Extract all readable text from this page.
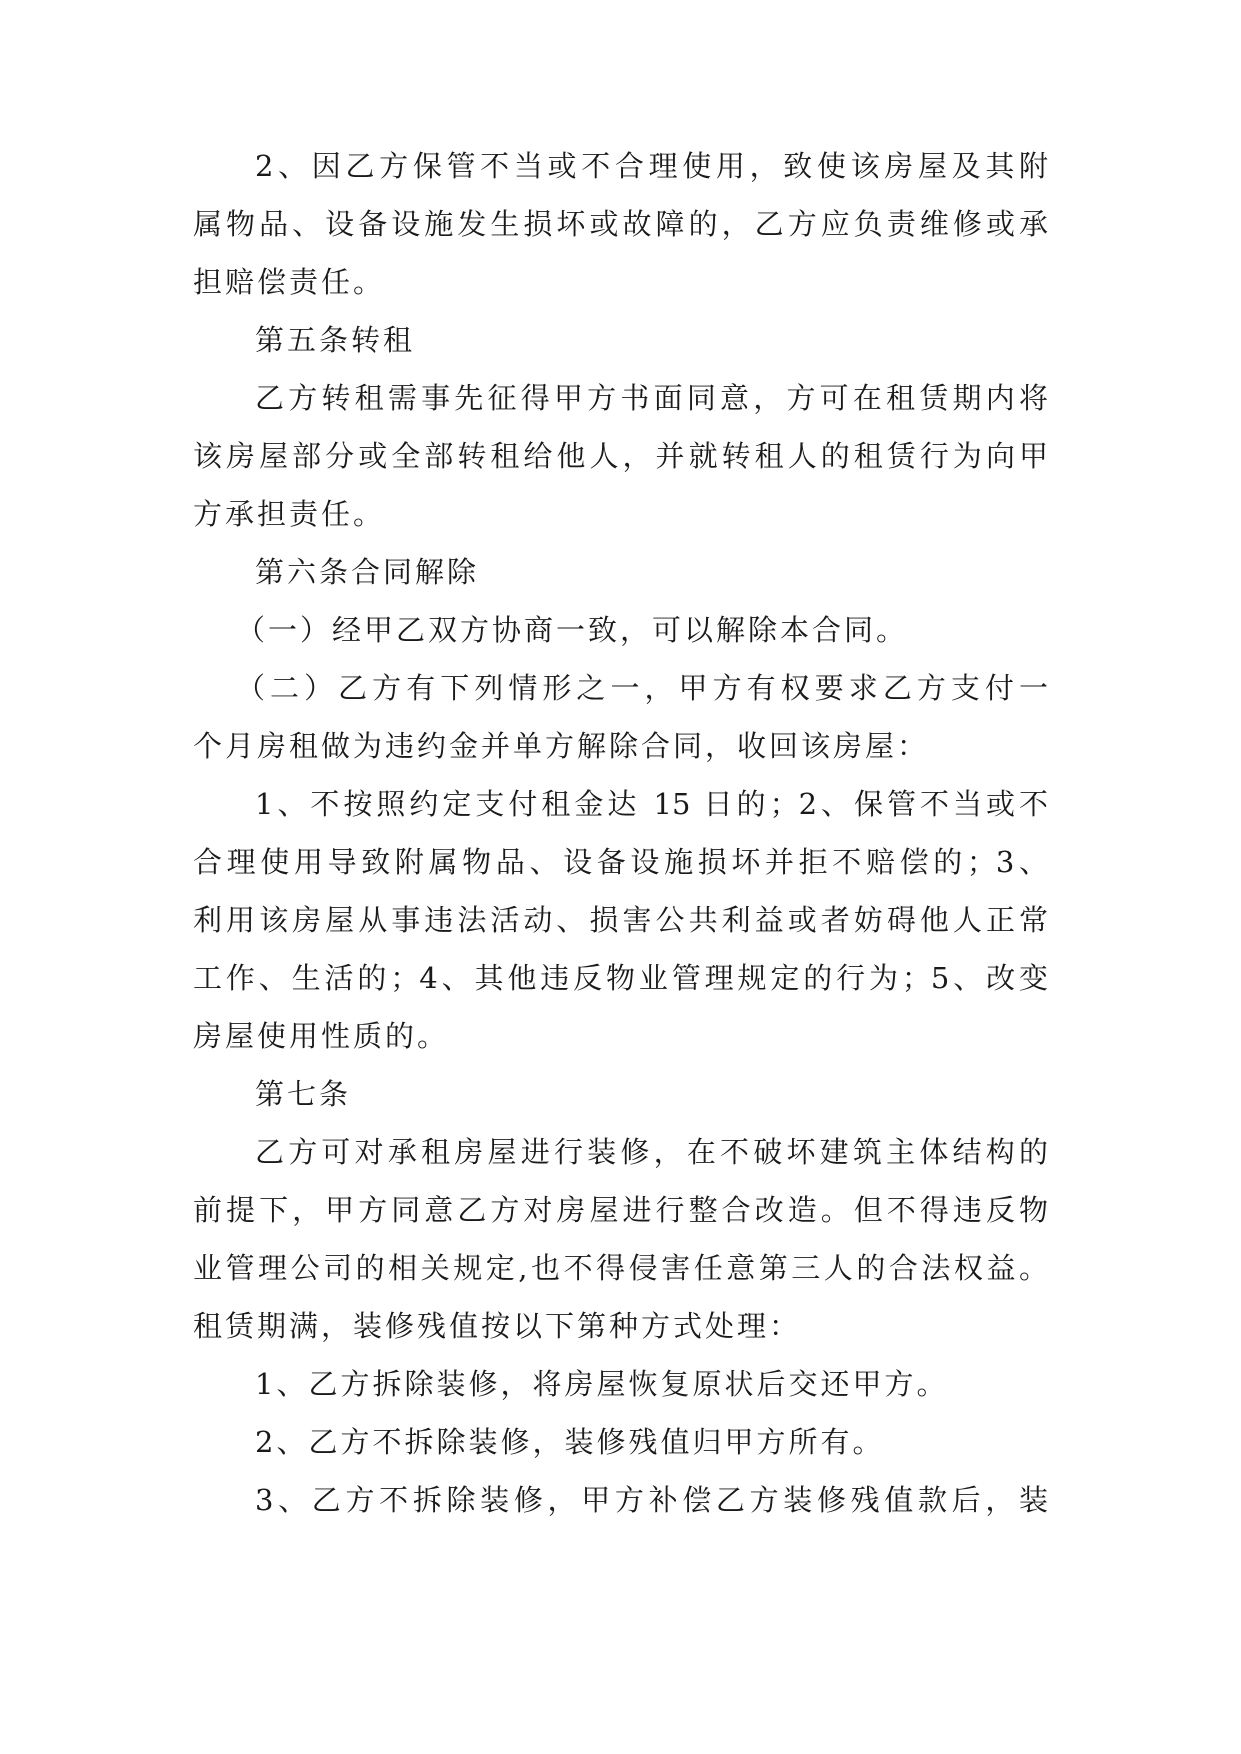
2、因乙方保管不当或不合理使用，致使该房屋及其附
属物品、设备设施发生损坏或故障的，乙方应负责维修或承
担赔偿责任。
第五条转租
乙方转租需事先征得甲方书面同意，方可在租赁期内将
该房屋部分或全部转租给他人，并就转租人的租赁行为向甲
方承担责任。
第六条合同解除
（一）经甲乙双方协商一致，可以解除本合同。
（二）乙方有下列情形之一，甲方有权要求乙方支付一
个月房租做为违约金并单方解除合同，收回该房屋：
1、不按照约定支付租金达 15 日的；2、保管不当或不
合理使用导致附属物品、设备设施损坏并拒不赔偿的；3、
利用该房屋从事违法活动、损害公共利益或者妨碍他人正常
工作、生活的；4、其他违反物业管理规定的行为；5、改变
房屋使用性质的。
第七条
乙方可对承租房屋进行装修，在不破坏建筑主体结构的
前提下，甲方同意乙方对房屋进行整合改造。但不得违反物
业管理公司的相关规定,也不得侵害任意第三人的合法权益。
租赁期满，装修残值按以下第种方式处理：
1、乙方拆除装修，将房屋恢复原状后交还甲方。
2、乙方不拆除装修，装修残值归甲方所有。
3、乙方不拆除装修，甲方补偿乙方装修残值款后，装
